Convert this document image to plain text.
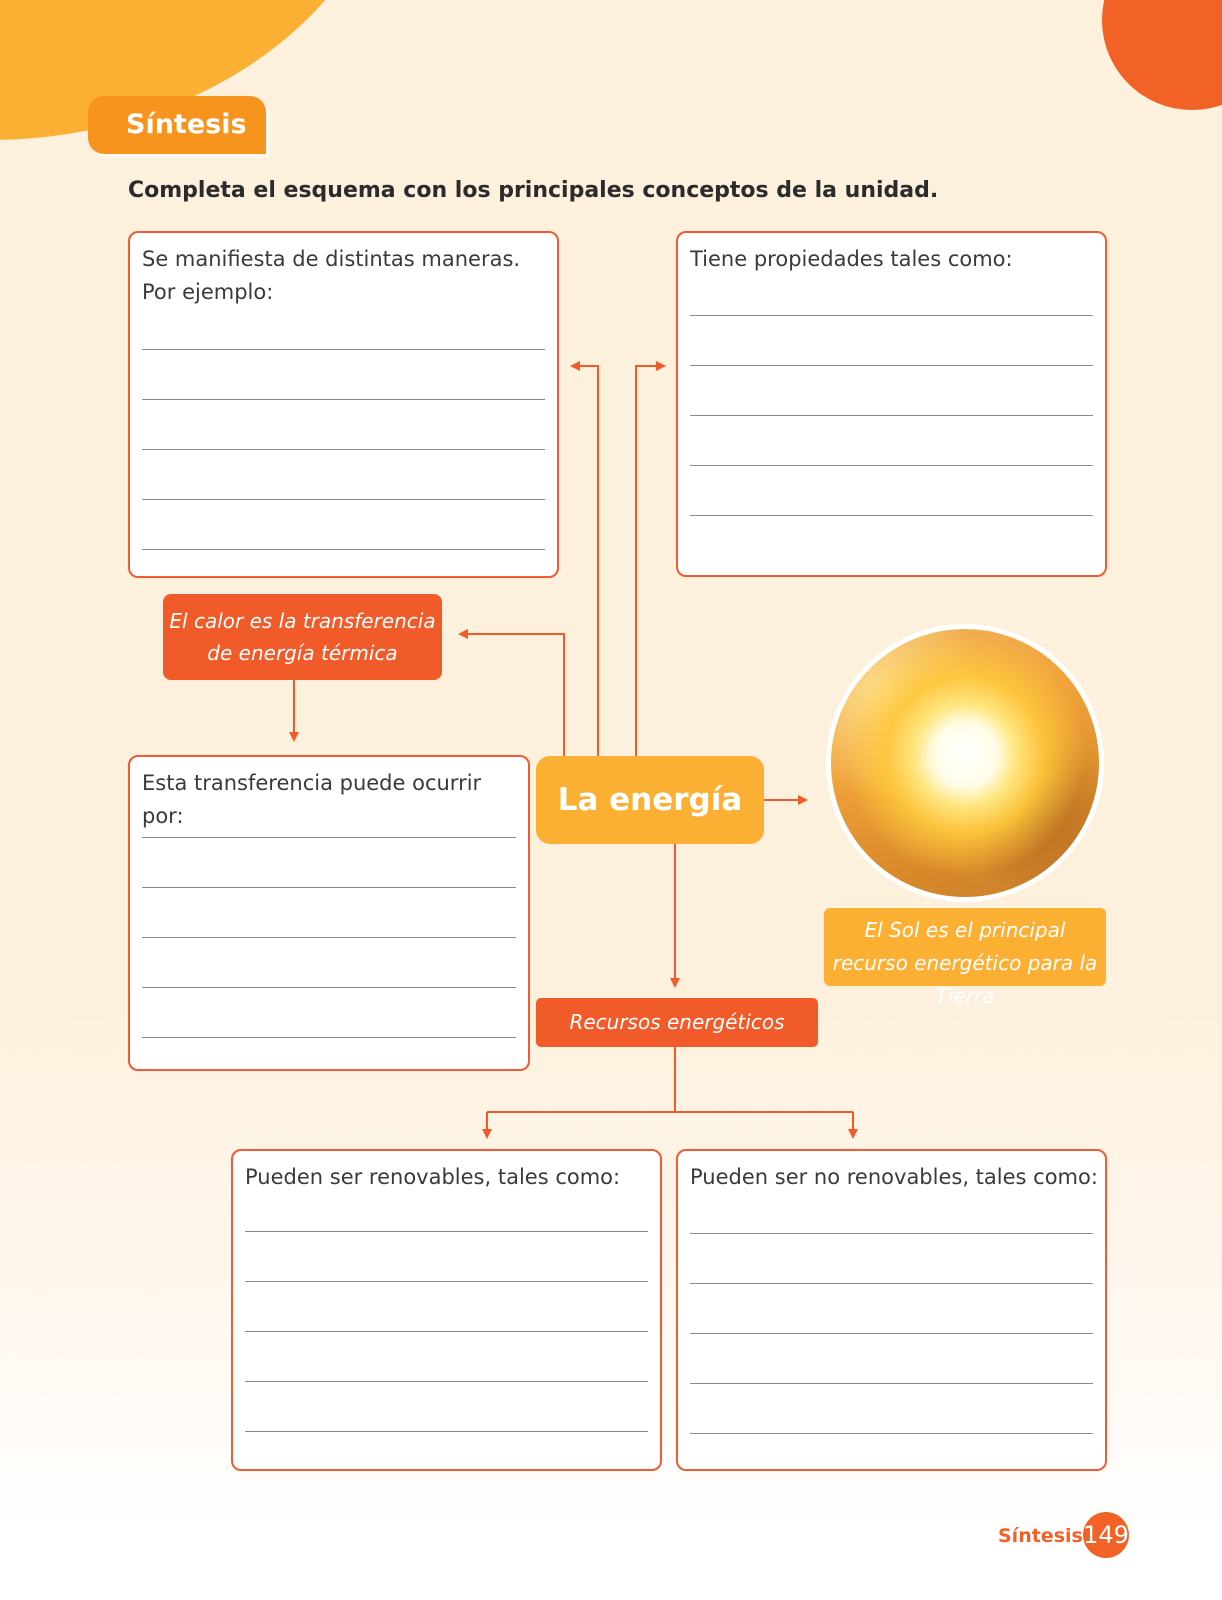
Síntesis
Completa el esquema con los principales conceptos de la unidad.
Se manifiesta de distintas maneras.
Por ejemplo:
Tiene propiedades tales como:
Esta transferencia puede ocurrir por:
Pueden ser renovables, tales como:	Pueden ser no renovables, tales como:
El calor es la transferencia de energía térmica
La energía
Recursos energéticos
El Sol es el principal recurso energético para la Tierra
Síntesis 149
